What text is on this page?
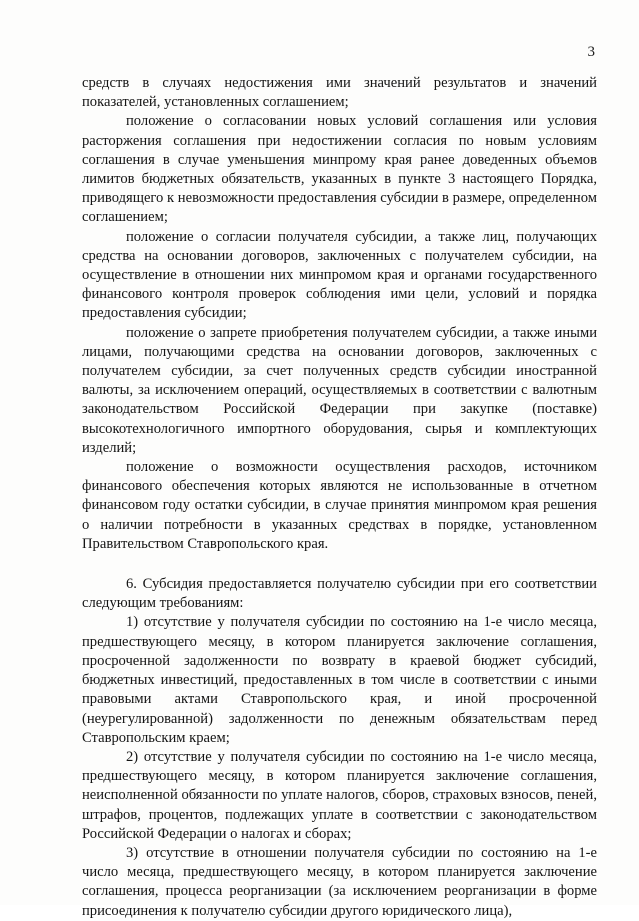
3

средств в случаях недостижения ими значений результатов и значений показателей, установленных соглашением;

положение о согласовании новых условий соглашения или условия расторжения соглашения при недостижении согласия по новым условиям соглашения в случае уменьшения минпрому края ранее доведенных объемов лимитов бюджетных обязательств, указанных в пункте 3 настоящего Порядка, приводящего к невозможности предоставления субсидии в размере, определенном соглашением;

положение о согласии получателя субсидии, а также лиц, получающих средства на основании договоров, заключенных с получателем субсидии, на осуществление в отношении них минпромом края и органами государственного финансового контроля проверок соблюдения ими цели, условий и порядка предоставления субсидии;

положение о запрете приобретения получателем субсидии, а также иными лицами, получающими средства на основании договоров, заключенных с получателем субсидии, за счет полученных средств субсидии иностранной валюты, за исключением операций, осуществляемых в соответствии с валютным законодательством Российской Федерации при закупке (поставке) высокотехнологичного импортного оборудования, сырья и комплектующих изделий;

положение о возможности осуществления расходов, источником финансового обеспечения которых являются не использованные в отчетном финансовом году остатки субсидии, в случае принятия минпромом края решения о наличии потребности в указанных средствах в порядке, установленном Правительством Ставропольского края.

6. Субсидия предоставляется получателю субсидии при его соответствии следующим требованиям:

1) отсутствие у получателя субсидии по состоянию на 1-е число месяца, предшествующего месяцу, в котором планируется заключение соглашения, просроченной задолженности по возврату в краевой бюджет субсидий, бюджетных инвестиций, предоставленных в том числе в соответствии с иными правовыми актами Ставропольского края, и иной просроченной (неурегулированной) задолженности по денежным обязательствам перед Ставропольским краем;

2) отсутствие у получателя субсидии по состоянию на 1-е число месяца, предшествующего месяцу, в котором планируется заключение соглашения, неисполненной обязанности по уплате налогов, сборов, страховых взносов, пеней, штрафов, процентов, подлежащих уплате в соответствии с законодательством Российской Федерации о налогах и сборах;

3) отсутствие в отношении получателя субсидии по состоянию на 1-е число месяца, предшествующего месяцу, в котором планируется заключение соглашения, процесса реорганизации (за исключением реорганизации в форме присоединения к получателю субсидии другого юридического лица),
